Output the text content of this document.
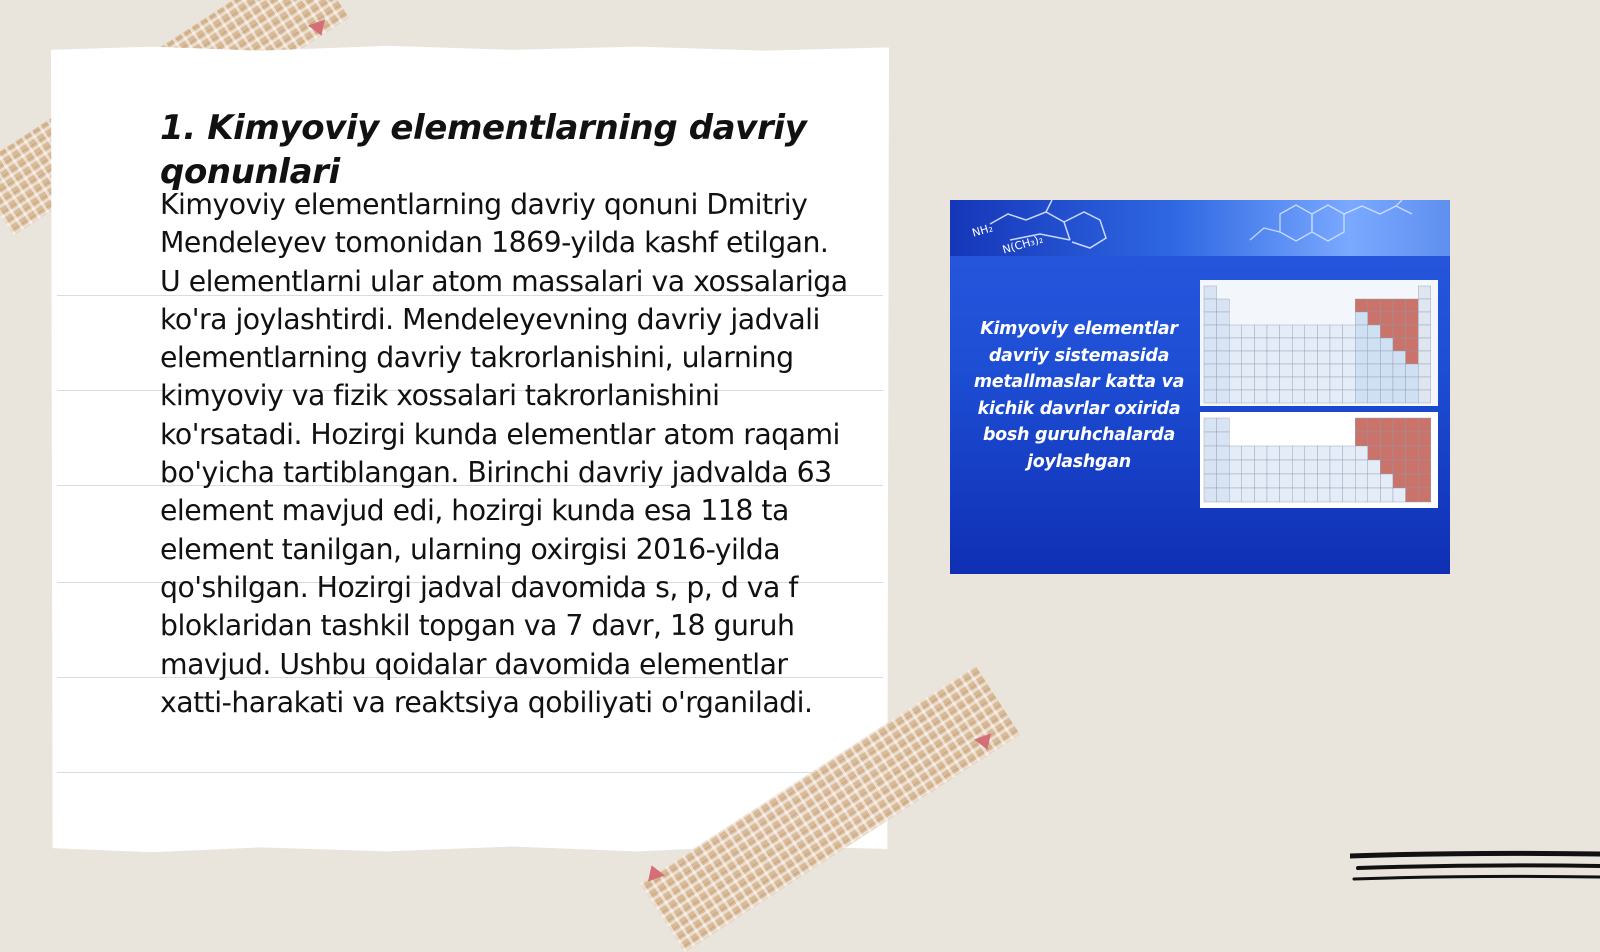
1. Kimyoviy elementlarning davriy qonunlari

Kimyoviy elementlarning davriy qonuni Dmitriy Mendeleyev tomonidan 1869-yilda kashf etilgan. U elementlarni ular atom massalari va xossalariga ko'ra joylashtirdi. Mendeleyevning davriy jadvali elementlarning davriy takrorlanishini, ularning kimyoviy va fizik xossalari takrorlanishini ko'rsatadi. Hozirgi kunda elementlar atom raqami bo'yicha tartiblangan. Birinchi davriy jadvalda 63 element mavjud edi, hozirgi kunda esa 118 ta element tanilgan, ularning oxirgisi 2016-yilda qo'shilgan. Hozirgi jadval davomida s, p, d va f bloklaridan tashkil topgan va 7 davr, 18 guruh mavjud. Ushbu qoidalar davomida elementlar xatti-harakati va reaktsiya qobiliyati o'rganiladi.

NH₂
N(CH₃)₂

Kimyoviy elementlar davriy sistemasida metallmaslar katta va kichik davrlar oxirida bosh guruhchalarda joylashgan
